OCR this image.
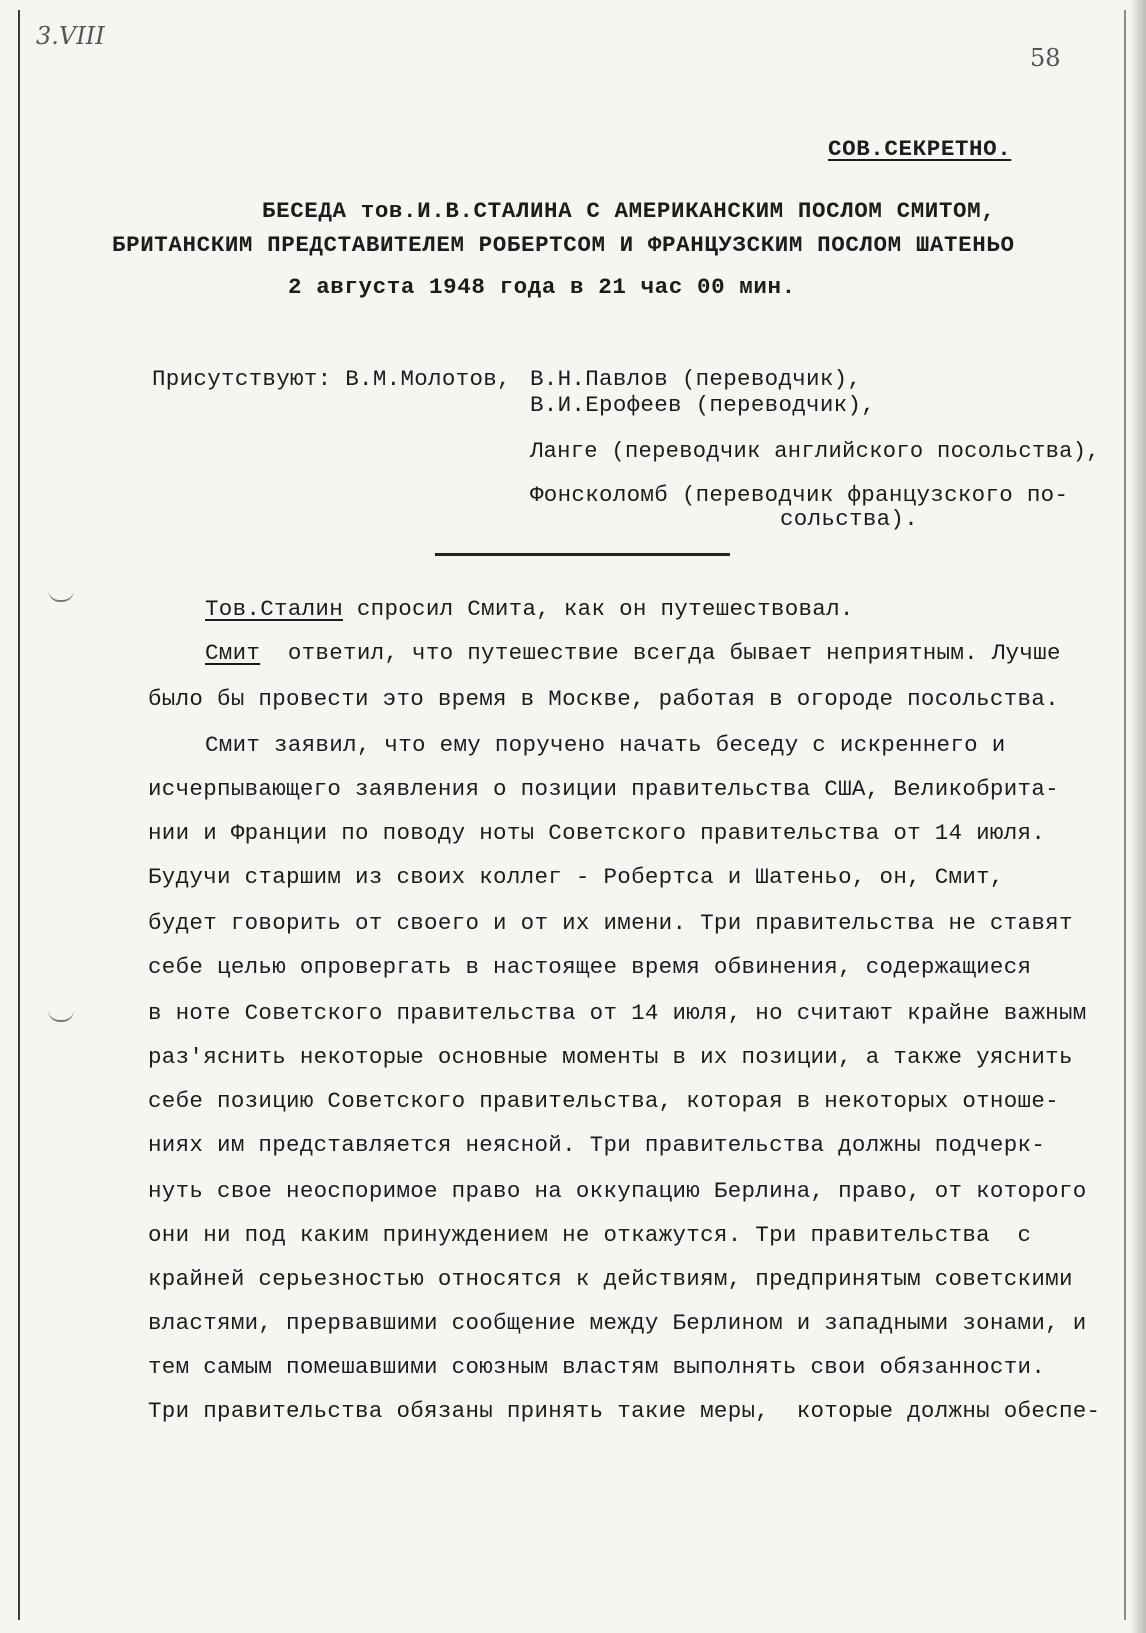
3.VIII
58
СОВ.СЕКРЕТНО.
БЕСЕДА тов.И.В.СТАЛИНА С АМЕРИКАНСКИМ ПОСЛОМ СМИТОМ,
БРИТАНСКИМ ПРЕДСТАВИТЕЛЕМ РОБЕРТСОМ И ФРАНЦУЗСКИМ ПОСЛОМ ШАТЕНЬО
2 августа 1948 года в 21 час 00 мин.
Присутствуют: В.М.Молотов, В.Н.Павлов (переводчик),
В.И.Ерофеев (переводчик),
Ланге (переводчик английского посольства),
Фонсколомб (переводчик французского по-
сольства).
Тов.Сталин спросил Смита, как он путешествовал.
Смит  ответил, что путешествие всегда бывает неприятным. Лучше
было бы провести это время в Москве, работая в огороде посольства.
Смит заявил, что ему поручено начать беседу с искреннего и
исчерпывающего заявления о позиции правительства США, Великобрита-
нии и Франции по поводу ноты Советского правительства от 14 июля.
Будучи старшим из своих коллег - Робертса и Шатеньо, он, Смит,
будет говорить от своего и от их имени. Три правительства не ставят
себе целью опровергать в настоящее время обвинения, содержащиеся
в ноте Советского правительства от 14 июля, но считают крайне важным
раз'яснить некоторые основные моменты в их позиции, а также уяснить
себе позицию Советского правительства, которая в некоторых отноше-
ниях им представляется неясной. Три правительства должны подчерк-
нуть свое неоспоримое право на оккупацию Берлина, право, от которого
они ни под каким принуждением не откажутся. Три правительства  с
крайней серьезностью относятся к действиям, предпринятым советскими
властями, прервавшими сообщение между Берлином и западными зонами, и
тем самым помешавшими союзным властям выполнять свои обязанности.
Три правительства обязаны принять такие меры,  которые должны обеспе-
